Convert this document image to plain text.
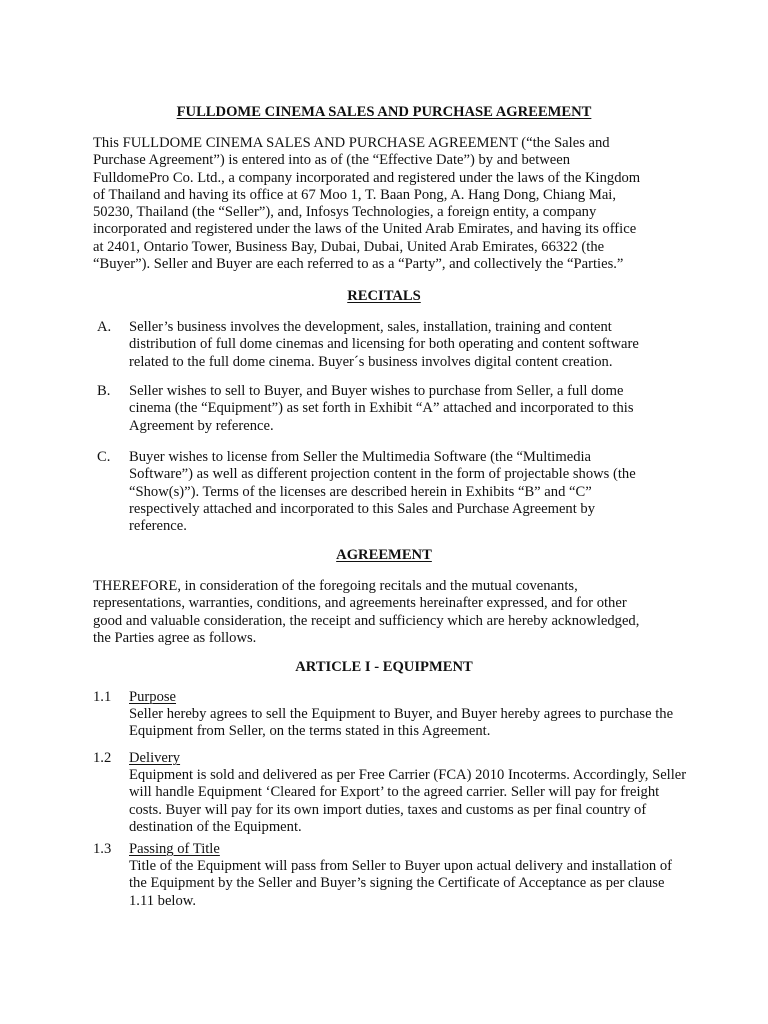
FULLDOME CINEMA SALES AND PURCHASE AGREEMENT

This FULLDOME CINEMA SALES AND PURCHASE AGREEMENT (“the Sales and
Purchase Agreement”) is entered into as of (the “Effective Date”) by and between
FulldomePro Co. Ltd., a company incorporated and registered under the laws of the Kingdom
of Thailand and having its office at 67 Moo 1, T. Baan Pong, A. Hang Dong, Chiang Mai,
50230, Thailand (the “Seller”), and, Infosys Technologies, a foreign entity, a company
incorporated and registered under the laws of the United Arab Emirates, and having its office
at 2401, Ontario Tower, Business Bay, Dubai, Dubai, United Arab Emirates, 66322 (the
“Buyer”). Seller and Buyer are each referred to as a “Party”, and collectively the “Parties.”

RECITALS
A. Seller’s business involves the development, sales, installation, training and content
distribution of full dome cinemas and licensing for both operating and content software
related to the full dome cinema. Buyer´s business involves digital content creation.
B. Seller wishes to sell to Buyer, and Buyer wishes to purchase from Seller, a full dome
cinema (the “Equipment”) as set forth in Exhibit “A” attached and incorporated to this
Agreement by reference.
C. Buyer wishes to license from Seller the Multimedia Software (the “Multimedia
Software”) as well as different projection content in the form of projectable shows (the
“Show(s)”). Terms of the licenses are described herein in Exhibits “B” and “C”
respectively attached and incorporated to this Sales and Purchase Agreement by
reference.
AGREEMENT

THEREFORE, in consideration of the foregoing recitals and the mutual covenants,
representations, warranties, conditions, and agreements hereinafter expressed, and for other
good and valuable consideration, the receipt and sufficiency which are hereby acknowledged,
the Parties agree as follows.

ARTICLE I - EQUIPMENT
1.1 Purpose
Seller hereby agrees to sell the Equipment to Buyer, and Buyer hereby agrees to purchase the
Equipment from Seller, on the terms stated in this Agreement.
1.2 Delivery
Equipment is sold and delivered as per Free Carrier (FCA) 2010 Incoterms. Accordingly, Seller
will handle Equipment ‘Cleared for Export’ to the agreed carrier. Seller will pay for freight
costs. Buyer will pay for its own import duties, taxes and customs as per final country of
destination of the Equipment.
1.3 Passing of Title
Title of the Equipment will pass from Seller to Buyer upon actual delivery and installation of
the Equipment by the Seller and Buyer’s signing the Certificate of Acceptance as per clause
1.11 below.
